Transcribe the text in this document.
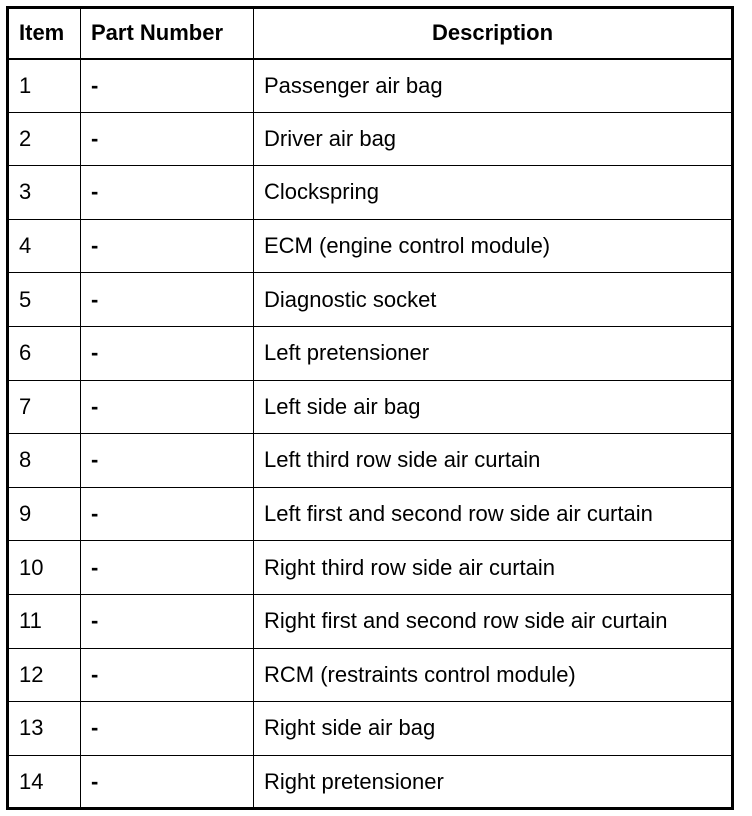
Item	Part Number	Description
1	-	Passenger air bag
2	-	Driver air bag
3	-	Clockspring
4	-	ECM (engine control module)
5	-	Diagnostic socket
6	-	Left pretensioner
7	-	Left side air bag
8	-	Left third row side air curtain
9	-	Left first and second row side air curtain
10	-	Right third row side air curtain
11	-	Right first and second row side air curtain
12	-	RCM (restraints control module)
13	-	Right side air bag
14	-	Right pretensioner
